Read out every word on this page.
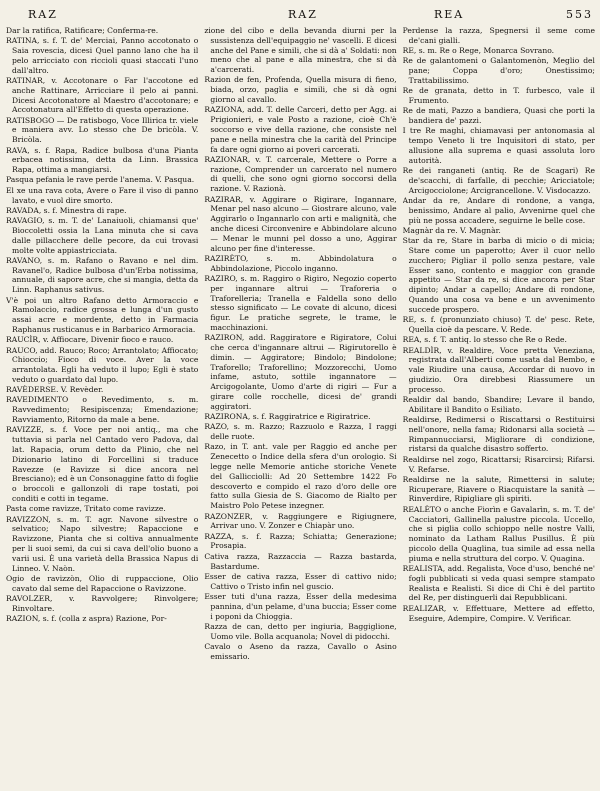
RAZ	RAZ	REA	553
Dar la ratifica, Ratificare; Conferma-re.
RATINA, s. f. T. de' Merciai, Panno accotonato o Saia rovescia, dicesi Quel panno lano che ha il pelo arricciato con riccioli quasi staccati l'uno dall'altro.
RATINAR, v. Accotonare o Far l'accotone ed anche Rattinare, Arricciare il pelo ai panni. Dicesi Accotonatore al Maestro d'accotonare; e Accotonatura all'Effetto di questa operazione.
RATISBOGO — De ratisbogo, Voce Illirica tr. viele e maniera avv. Lo stesso che De bricòla. V. Bricòla.
RAVA, s. f. Rapa, Radice bulbosa d'una Pianta erbacea notissima, detta da Linn. Brassica Rapa, ottima a mangiarsi.
Pasqua pefania le rave perde l'anema. V. Pasqua.
El xe una rava cota, Avere o Fare il viso di panno lavato, e vuol dire smorto.
RAVADA, s. f. Minestra di rape.
RAVAGIO, s. m. T. de' Lanaiuoli, chiamansi que' Bioccoletti ossia la Lana minuta che si cava dalle pillacchere delle pecore, da cui trovasi molte volte appiastricciata.
RAVANO, s. m. Rafano o Ravano e nel dim. Ravanel'o, Radice bulbosa d'un'Erba notissima, annuale, di sapore acre, che si mangia, detta da Linn. Raphanus sativus.
V'è poi un altro Rafano detto Armoraccio e Ramolaccio, radice grossa e lunga d'un gusto assai acre e mordente, detto in Farmacia Raphanus rusticanus e in Barbarico Armoracia.
RAUCÌR, v. Affiocare, Divenir fioco e rauco.
RAUCO, add. Rauco; Roco; Arrantolato; Affiocato; Chioccio; Fioco di voce. Aver la voce arrantolata. Egli ha veduto il lupo; Egli è stato veduto o guardato dal lupo.
RAVÈDERSE. V. Revèder.
RAVEDIMENTO o Revedimento, s. m. Ravvedimento; Resipiscenza; Emendazione; Ravviamento, Ritorno da male a bene.
RAVIZZE, s. f. Voce per noi antiq., ma che tuttavia si parla nel Cantado vero Padova, dal lat. Rapacia, orum detto da Plinio, che nel Dizionario latino di Forcellini si traduce Ravezze (e Ravizze si dice ancora nel Bresciano); ed è un Consonaggine fatto di foglie o broccoli e gallonzoli di rape tostati, poi conditi e cotti in tegame.
Pasta come ravizze, Tritato come ravizze.
RAVIZZON, s. m. T. agr. Navone silvestre o selvatico; Napo silvestre; Rapaccione e Ravizzone, Pianta che si coltiva annualmente per li suoi semi, da cui si cava dell'olio buono a varii usi. È una varietà della Brassica Napus di Linneo. V. Naòn.
Ogio de ravizzòn, Olio di ruppaccione, Olio cavato dal seme del Rapaccione o Ravizzone.
RAVOLZER, v. Ravvolgere; Rinvolgere; Rinvoltare.
RAZION, s. f. (colla z aspra) Razione, Por-
zione del cibo e della bevanda diurni per la sussistenza dell'equipaggio ne' vascelli. E dicesi anche del Pane e simili, che si dà a' Soldati: non meno che al pane e alla minestra, che si dà a'carcerati.
Razion de fen, Profenda, Quella misura di fieno, biada, orzo, paglia e simili, che si dà ogni giorno al cavallo.
RAZIONA, add. T. delle Carceri, detto per Agg. ai Prigionieri, e vale Posto a razione, cioè Ch'è soccorso e vive della razione, che consiste nel pane e nella minestra che la carità del Principe fa dare ogni giorno ai poveri carcerati.
RAZIONAR, v. T. carcerale, Mettere o Porre a razione, Comprender un carcerato nel numero di quelli, che sono ogni giorno soccorsi della razione. V. Razionà.
RAZIRAR, v. Aggirare o Rigirare, Ingannare, Menar pel naso alcuno — Giostrare alcuno, vale Aggirarlo o Ingannarlo con arti e malignità, che anche dicesi Circonvenire e Abbindolare alcuno — Menar le munni pel dosso a uno, Aggirar alcuno per fine d'interesse.
RAZIRÈTO, s. m. Abbindolatura o Abbindolazione, Piccolo inganno.
RAZIRO, s. m. Raggiro o Rigiro, Negozio coperto per ingannare altrui — Traforeria o Traforelleria; Tranella e Faldella sono dello stesso significato — Le covate di alcuno, dicesi figur. Le pratiche segrete, le trame, le macchinazioni.
RAZIRON, add. Raggiratore e Rigiratore, Colui che cerca d'ingannare altrui — Rigirutorello è dimin. — Aggiratore; Bindolo; Bindolone; Traforello; Traforellino; Mozzorecchi, Uomo infame, astuto, sottile ingannatore — Arcigogolante, Uomo d'arte di rigiri — Fur a girare colle rocchelle, dicesi de' grandi aggiratori.
RAZIRONA, s. f. Raggiratrice e Rigiratrice.
RAZO, s. m. Razzo; Razzuolo e Razza, I raggi delle ruote.
Razo, in T. ant. vale per Raggio ed anche per Zenecetto o Indice della sfera d'un orologio. Si legge nelle Memorie antiche storiche Venete del Gallicciolli: Ad 20 Settembre 1422 Fo descoverto e compido el razo d'oro delle ore fatto sulla Giesia de S. Giacomo de Rialto per Maistro Polo Petese inzegner.
RAZONZER, v. Raggiungere e Rigiugnere, Arrivar uno. V. Zonzer e Chiapàr uno.
RAZZA, s. f. Razza; Schiatta; Generazione; Prosapia.
Cativa razza, Razzaccia — Razza bastarda, Bastardume.
Esser de cativa razza, Esser di cattivo nido; Cattivo o Tristo infin nel guscio.
Esser tuti d'una razza, Esser della medesima pannina, d'un pelame, d'una buccia; Esser come i poponi da Chioggia.
Razza de can, detto per ingiuria, Baggiglione, Uomo vile. Bolla acquanola; Novel di pidocchi.
Cavalo o Aseno da razza, Cavallo o Asino emissario.
Perdense la razza, Spegnersi il seme come de'cani gialli.
RE, s. m. Re o Rege, Monarca Sovrano.
Re de galantomeni o Galantomenòn, Meglio del pane; Coppa d'oro; Onestissimo; Trattabilissimo.
Re de granata, detto in T. furbesco, vale il Frumento.
Re de mati, Pazzo a bandiera, Quasi che porti la bandiera de' pazzi.
I tre Re maghi, chiamavasi per antonomasia al tempo Veneto li tre Inquisitori di stato, per allusione alla suprema e quasi assoluta loro autorità.
Re dei ranganeti (antiq. Re de Scagari) Re de'scacchi, di farfalle, di pecchie; Aricciatole; Arcigocciolone; Arcigrancellone. V. Visdocazzo.
Andar da re, Andare di rondone, a vanga, benissimo, Andare al palio, Avvenirne quel che più ne possa accadere, seguirne le belle cose.
Magnàr da re. V. Magnàr.
Star da re, Stare in barba di micio o di micia; Stare come un paperotto; Aver il cuor nello zucchero; Pigliar il pollo senza pestare, vale Esser sano, contento e maggior con grande appetito — Star da re, si dice ancora per Star dipinto; Andar a capello; Andare di rondone, Quando una cosa va bene e un avvenimento succede prospero.
RE, s. f. (pronunziato chiuso) T. de' pesc. Rete, Quella cioè da pescare. V. Rede.
REA, s. f. T. antiq. lo stesso che Re o Rede.
REALDÌR, v. Realdire, Voce pretta Veneziana, registrata dall'Alberti come usata dal Bembo, e vale Riudire una causa, Accordar di nuovo in giudizio. Ora direbbesi Riassumere un processo.
Realdir dal bando, Sbandire; Levare il bando, Abilitare il Bandito o Esiliato.
Realdirse, Redimersi o Riscattarsi o Restituirsi nell'onore, nella fama; Ridonarsi alla società — Rimpannucciarsi, Migliorare di condizione, ristarsi da qualche disastro sofferto.
Realdirse nel zogo, Ricattarsi; Risarcirsi; Rifarsi. V. Refarse.
Realdirse ne la salute, Rimettersi in salute; Ricuperare, Riavere o Riacquistare la sanità — Rinverdire, Ripigliare gli spiriti.
REALÈTO o anche Fiorìn e Gavalarìn, s. m. T. de' Cacciatori, Gallinella palustre piccola. Uccello, che si piglia collo schioppo nelle nostre Valli, nominato da Latham Rallus Pusillus. È più piccolo della Quaglina, tua simile ad essa nella piuma e nella struttura del corpo. V. Quagina.
REALISTA, add. Regalista, Voce d'uso, benché ne' fogli pubblicati si veda quasi sempre stampato Realista e Realisti. Si dice di Chi è del partito del Re, per distinguerli dai Repubblicani.
REALIZAR, v. Effettuare, Mettere ad effetto, Eseguire, Adempire, Compire. V. Verificar.
